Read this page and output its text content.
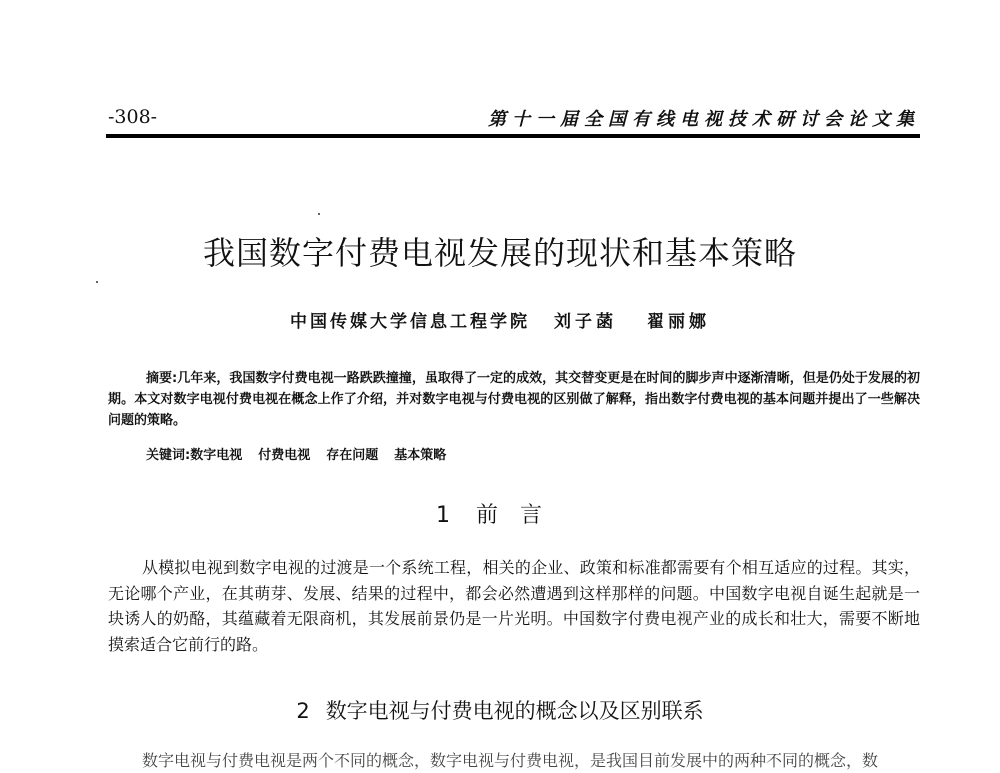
-308-	第十一届全国有线电视技术研讨会论文集
我国数字付费电视发展的现状和基本策略
中国传媒大学信息工程学院 刘子菡 翟丽娜
摘要:几年来，我国数字付费电视一路跌跌撞撞，虽取得了一定的成效，其交替变更是在时间的脚步声中逐渐清晰，但是仍处于发展的初期。本文对数字电视付费电视在概念上作了介绍，并对数字电视与付费电视的区别做了解释，指出数字付费电视的基本问题并提出了一些解决问题的策略。
关键词:数字电视 付费电视 存在问题 基本策略
1 前言
从模拟电视到数字电视的过渡是一个系统工程，相关的企业、政策和标准都需要有个相互适应的过程。其实，无论哪个产业，在其萌芽、发展、结果的过程中，都会必然遭遇到这样那样的问题。中国数字电视自诞生起就是一块诱人的奶酪，其蕴藏着无限商机，其发展前景仍是一片光明。中国数字付费电视产业的成长和壮大，需要不断地摸索适合它前行的路。
2 数字电视与付费电视的概念以及区别联系
数字电视与付费电视是两个不同的概念，数字电视与付费电视，是我国目前发展中的两种不同的概念，数
